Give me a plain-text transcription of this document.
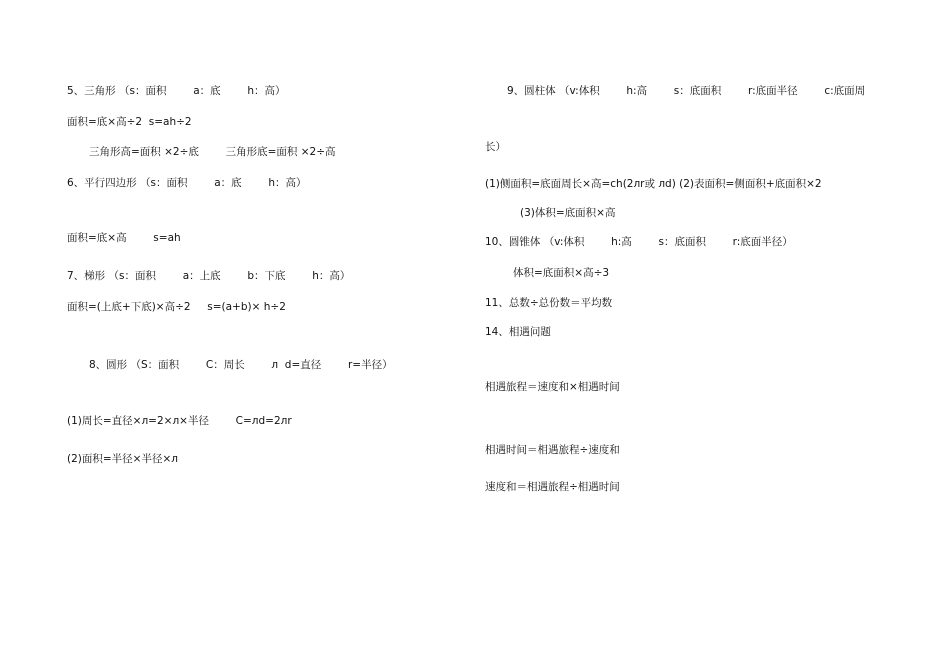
5、三角形 （s：面积        a：底        h：高）
面积=底×高÷2  s=ah÷2
三角形高=面积 ×2÷底        三角形底=面积 ×2÷高
6、平行四边形 （s：面积        a：底        h：高）
面积=底×高        s=ah
7、梯形 （s：面积        a：上底        b：下底        h：高）
面积=(上底+下底)×高÷2     s=(a+b)× h÷2
8、圆形 （S：面积        C：周长        л  d=直径        r=半径）
(1)周长=直径×л=2×л×半径        C=лd=2лr
(2)面积=半径×半径×л
9、圆柱体 （v:体积        h:高        s：底面积        r:底面半径        c:底面周
长）
(1)侧面积=底面周长×高=ch(2лr或 лd) (2)表面积=侧面积+底面积×2
(3)体积=底面积×高
10、圆锥体 （v:体积        h:高        s：底面积        r:底面半径）
体积=底面积×高÷3
11、总数÷总份数＝平均数
14、相遇问题
相遇旅程＝速度和×相遇时间
相遇时间＝相遇旅程÷速度和
速度和＝相遇旅程÷相遇时间
